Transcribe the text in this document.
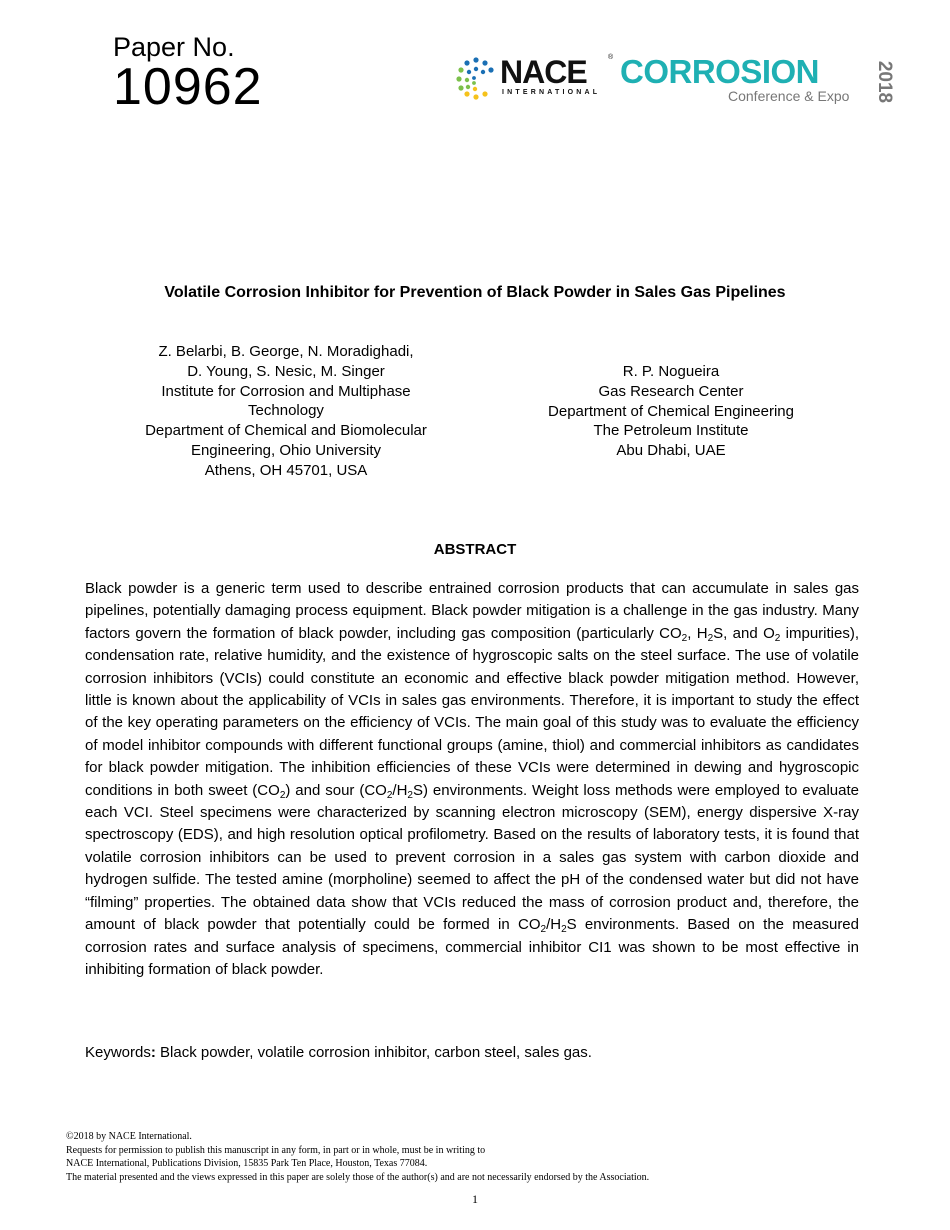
Paper No.
10962	NACE	®
INTERNATIONAL
CORROSION
Conference & Expo 2018
Volatile Corrosion Inhibitor for Prevention of Black Powder in Sales Gas Pipelines
Z. Belarbi, B. George, N. Moradighadi,
D. Young, S. Nesic, M. Singer
Institute for Corrosion and Multiphase
Technology
Department of Chemical and Biomolecular
Engineering, Ohio University
Athens, OH 45701, USA
R. P. Nogueira
Gas Research Center
Department of Chemical Engineering
The Petroleum Institute
Abu Dhabi, UAE
ABSTRACT

Black powder is a generic term used to describe entrained corrosion products that can accumulate in sales gas pipelines, potentially damaging process equipment. Black powder mitigation is a challenge in the gas industry. Many factors govern the formation of black powder, including gas composition (particularly $CO_2$, $H_2S$, and $O_2$ impurities), condensation rate, relative humidity, and the existence of hygroscopic salts on the steel surface. The use of volatile corrosion inhibitors (VCIs) could constitute an economic and effective black powder mitigation method. However, little is known about the applicability of VCIs in sales gas environments. Therefore, it is important to study the effect of the key operating parameters on the efficiency of VCIs. The main goal of this study was to evaluate the efficiency of model inhibitor compounds with different functional groups (amine, thiol) and commercial inhibitors as candidates for black powder mitigation. The inhibition efficiencies of these VCIs were determined in dewing and hygroscopic conditions in both sweet $(CO_2)$ and sour $(CO_2/H_2S)$ environments. Weight loss methods were employed to evaluate each VCI. Steel specimens were characterized by scanning electron microscopy (SEM), energy dispersive X-ray spectroscopy (EDS), and high resolution optical profilometry. Based on the results of laboratory tests, it is found that volatile corrosion inhibitors can be used to prevent corrosion in a sales gas system with carbon dioxide and hydrogen sulfide. The tested amine (morpholine) seemed to affect the pH of the condensed water but did not have “filming” properties. The obtained data show that VCIs reduced the mass of corrosion product and, therefore, the amount of black powder that potentially could be formed in $CO_2/H_2S$ environments. Based on the measured corrosion rates and surface analysis of specimens, commercial inhibitor CI1 was shown to be most effective in inhibiting formation of black powder.

Keywords: Black powder, volatile corrosion inhibitor, carbon steel, sales gas.
©2018 by NACE International.
Requests for permission to publish this manuscript in any form, in part or in whole, must be in writing to
NACE International, Publications Division, 15835 Park Ten Place, Houston, Texas 77084.
The material presented and the views expressed in this paper are solely those of the author(s) and are not necessarily endorsed by the Association.
1
